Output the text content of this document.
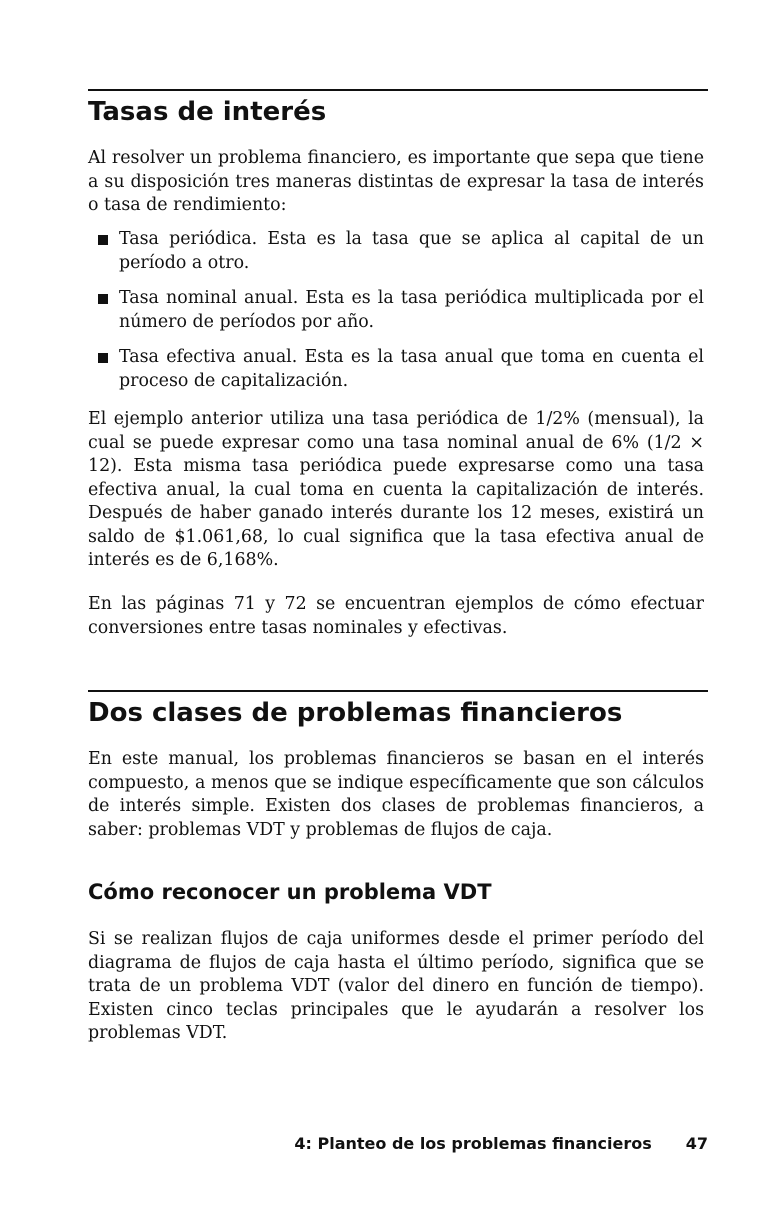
Tasas de interés

Al resolver un problema financiero, es importante que sepa que tiene a su disposición tres maneras distintas de expresar la tasa de interés o tasa de rendimiento:

Tasa periódica. Esta es la tasa que se aplica al capital de un período a otro.
Tasa nominal anual. Esta es la tasa periódica multiplicada por el número de períodos por año.
Tasa efectiva anual. Esta es la tasa anual que toma en cuenta el proceso de capitalización.

El ejemplo anterior utiliza una tasa periódica de 1/2% (mensual), la cual se puede expresar como una tasa nominal anual de 6% (1/2 × 12). Esta misma tasa periódica puede expresarse como una tasa efectiva anual, la cual toma en cuenta la capitalización de interés. Después de haber ganado interés durante los 12 meses, existirá un saldo de $1.061,68, lo cual significa que la tasa efectiva anual de interés es de 6,168%.

En las páginas 71 y 72 se encuentran ejemplos de cómo efectuar conversiones entre tasas nominales y efectivas.

Dos clases de problemas financieros

En este manual, los problemas financieros se basan en el interés compuesto, a menos que se indique específicamente que son cálculos de interés simple. Existen dos clases de problemas financieros, a saber: problemas VDT y problemas de flujos de caja.

Cómo reconocer un problema VDT

Si se realizan flujos de caja uniformes desde el primer período del diagrama de flujos de caja hasta el último período, significa que se trata de un problema VDT (valor del dinero en función de tiempo). Existen cinco teclas principales que le ayudarán a resolver los problemas VDT.

4: Planteo de los problemas financieros 47
